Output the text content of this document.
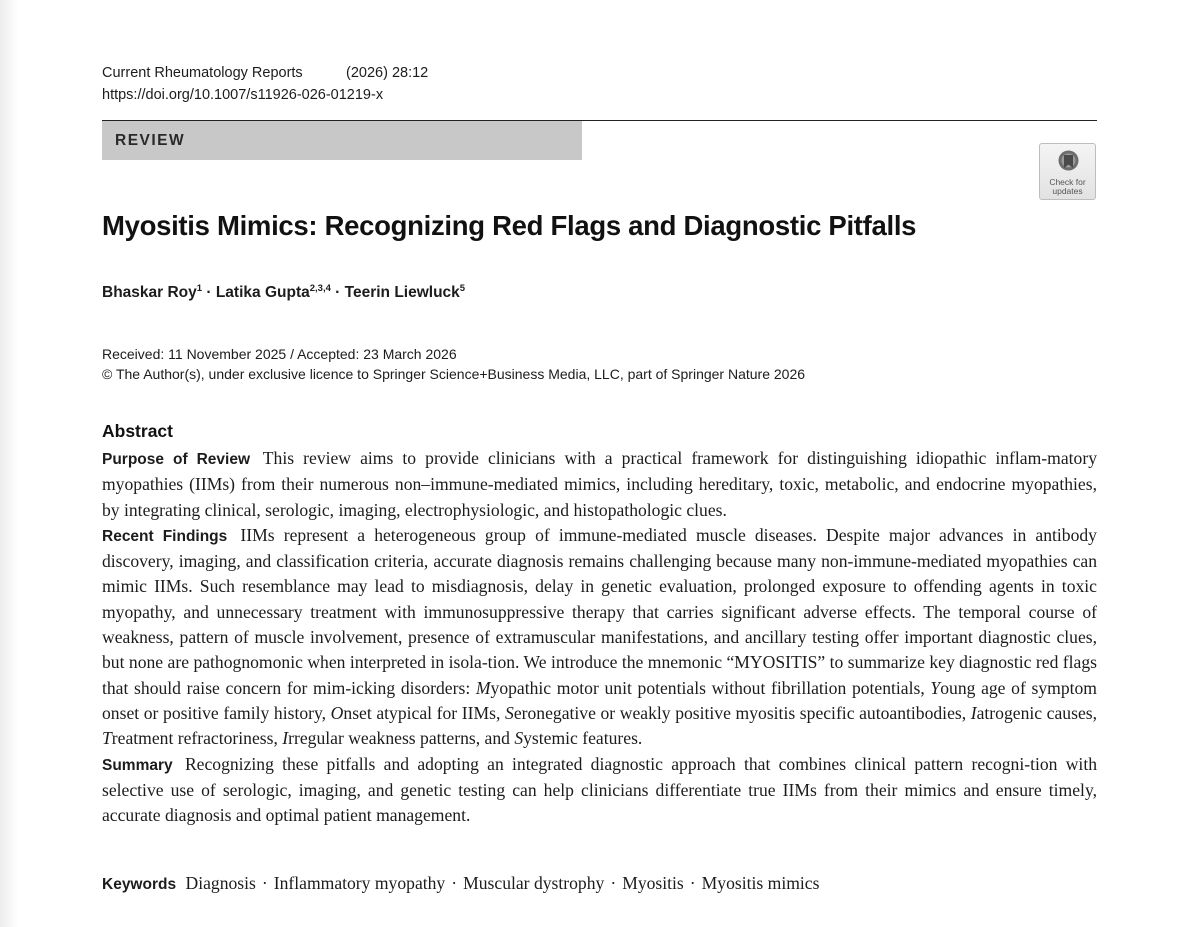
Current Rheumatology Reports	(2026) 28:12
https://doi.org/10.1007/s11926-026-01219-x
REVIEW
Check for
updates
Myositis Mimics: Recognizing Red Flags and Diagnostic Pitfalls
Bhaskar Roy$^1$ · Latika Gupta$^{2,3,4}$ · Teerin Liewluck$^5$
Received: 11 November 2025 / Accepted: 23 March 2026
© The Author(s), under exclusive licence to Springer Science+Business Media, LLC, part of Springer Nature 2026
Abstract

Purpose of Review This review aims to provide clinicians with a practical framework for distinguishing idiopathic inflam-matory myopathies (IIMs) from their numerous non–immune-mediated mimics, including hereditary, toxic, metabolic, and endocrine myopathies, by integrating clinical, serologic, imaging, electrophysiologic, and histopathologic clues.

Recent Findings IIMs represent a heterogeneous group of immune-mediated muscle diseases. Despite major advances in antibody discovery, imaging, and classification criteria, accurate diagnosis remains challenging because many non-immune-mediated myopathies can mimic IIMs. Such resemblance may lead to misdiagnosis, delay in genetic evaluation, prolonged exposure to offending agents in toxic myopathy, and unnecessary treatment with immunosuppressive therapy that carries significant adverse effects. The temporal course of weakness, pattern of muscle involvement, presence of extramuscular manifestations, and ancillary testing offer important diagnostic clues, but none are pathognomonic when interpreted in isola-tion. We introduce the mnemonic “MYOSITIS” to summarize key diagnostic red flags that should raise concern for mim-icking disorders: Myopathic motor unit potentials without fibrillation potentials, Young age of symptom onset or positive family history, Onset atypical for IIMs, Seronegative or weakly positive myositis specific autoantibodies, Iatrogenic causes, Treatment refractoriness, Irregular weakness patterns, and Systemic features.

Summary Recognizing these pitfalls and adopting an integrated diagnostic approach that combines clinical pattern recogni-tion with selective use of serologic, imaging, and genetic testing can help clinicians differentiate true IIMs from their mimics and ensure timely, accurate diagnosis and optimal patient management.

Keywords Diagnosis · Inflammatory myopathy · Muscular dystrophy · Myositis · Myositis mimics
